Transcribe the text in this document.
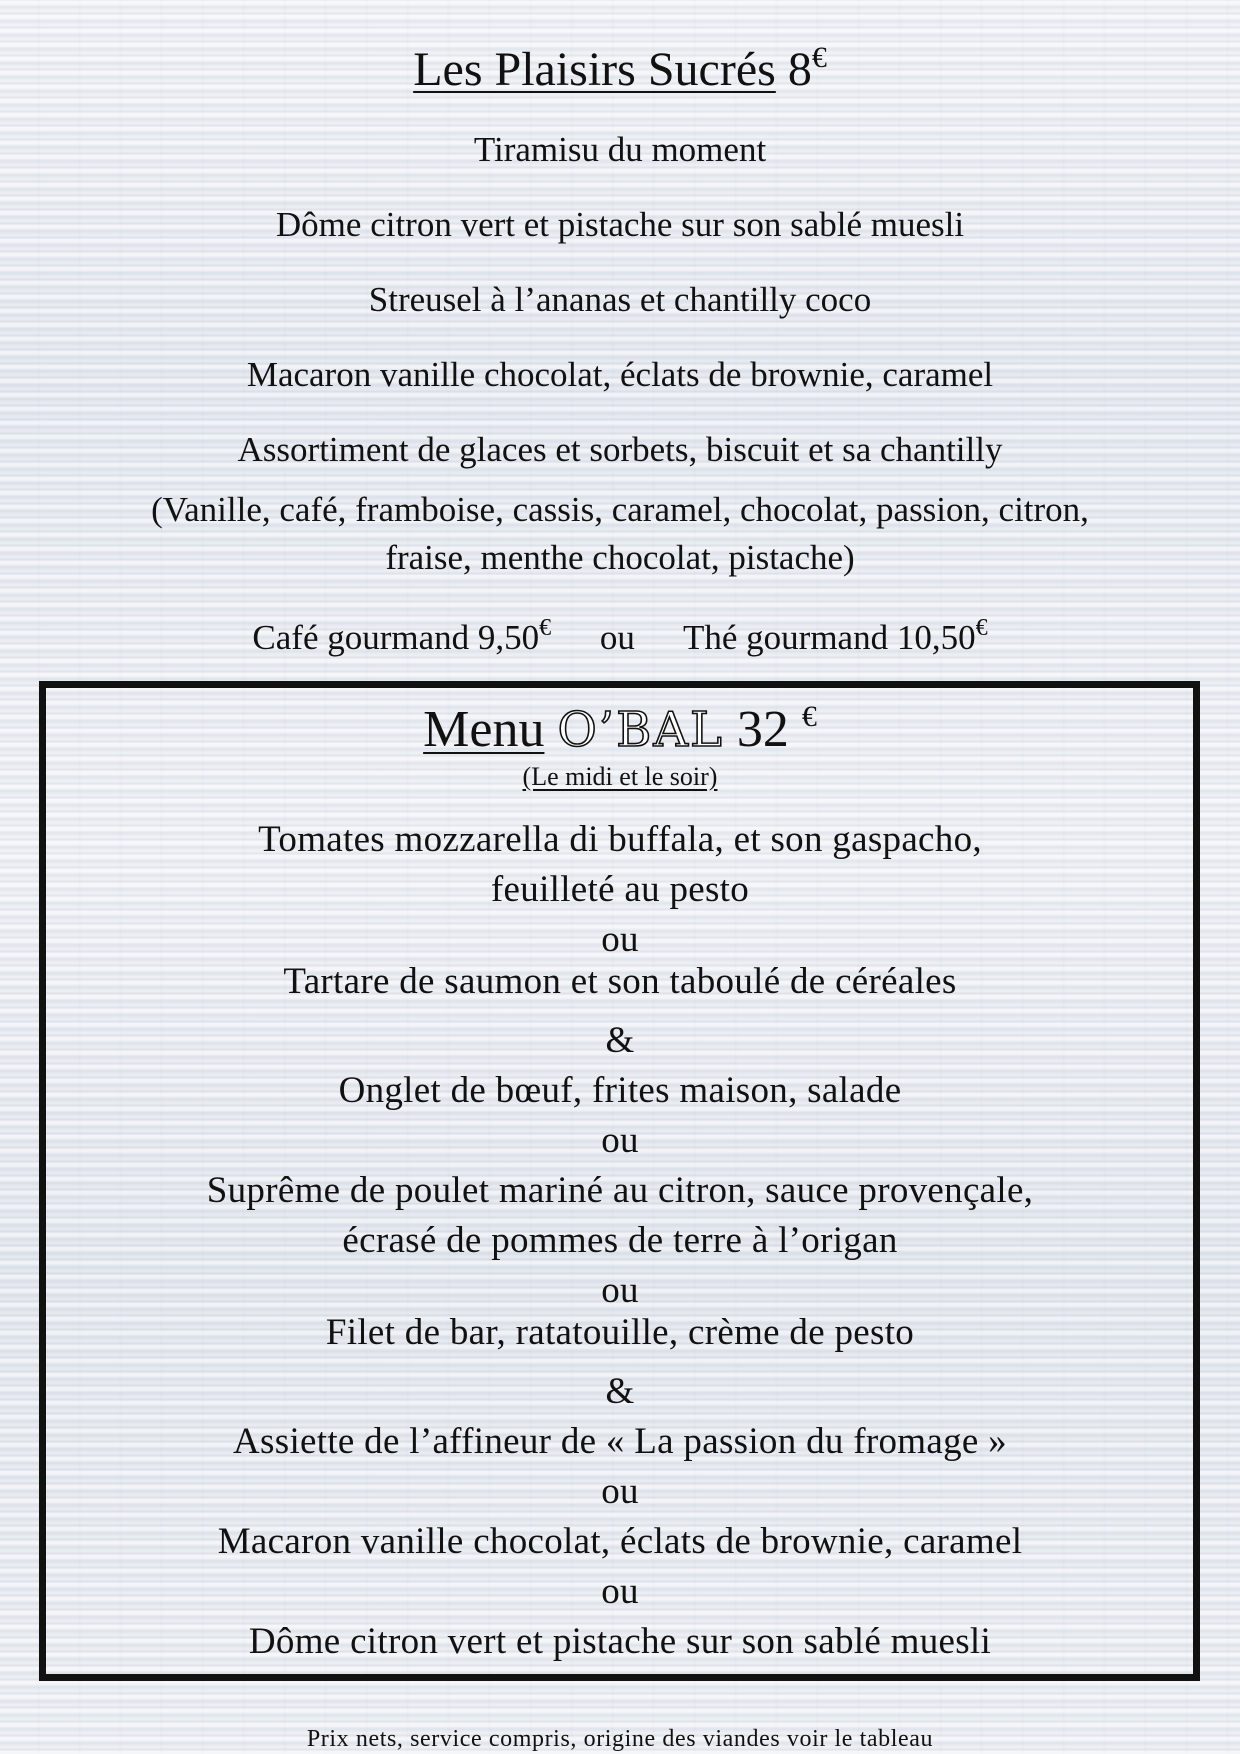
Les Plaisirs Sucrés 8€
Tiramisu du moment
Dôme citron vert et pistache sur son sablé muesli
Streusel à l’ananas et chantilly coco
Macaron vanille chocolat, éclats de brownie, caramel
Assortiment de glaces et sorbets, biscuit et sa chantilly
(Vanille, café, framboise, cassis, caramel, chocolat, passion, citron,
fraise, menthe chocolat, pistache)
Café gourmand 9,50€ ou Thé gourmand 10,50€
Menu O’BAL 32 €
(Le midi et le soir)
Tomates mozzarella di buffala, et son gaspacho,
feuilleté au pesto
ou
Tartare de saumon et son taboulé de céréales
&
Onglet de bœuf, frites maison, salade
ou
Suprême de poulet mariné au citron, sauce provençale,
écrasé de pommes de terre à l’origan
ou
Filet de bar, ratatouille, crème de pesto
&
Assiette de l’affineur de « La passion du fromage »
ou
Macaron vanille chocolat, éclats de brownie, caramel
ou
Dôme citron vert et pistache sur son sablé muesli
Prix nets, service compris, origine des viandes voir le tableau
